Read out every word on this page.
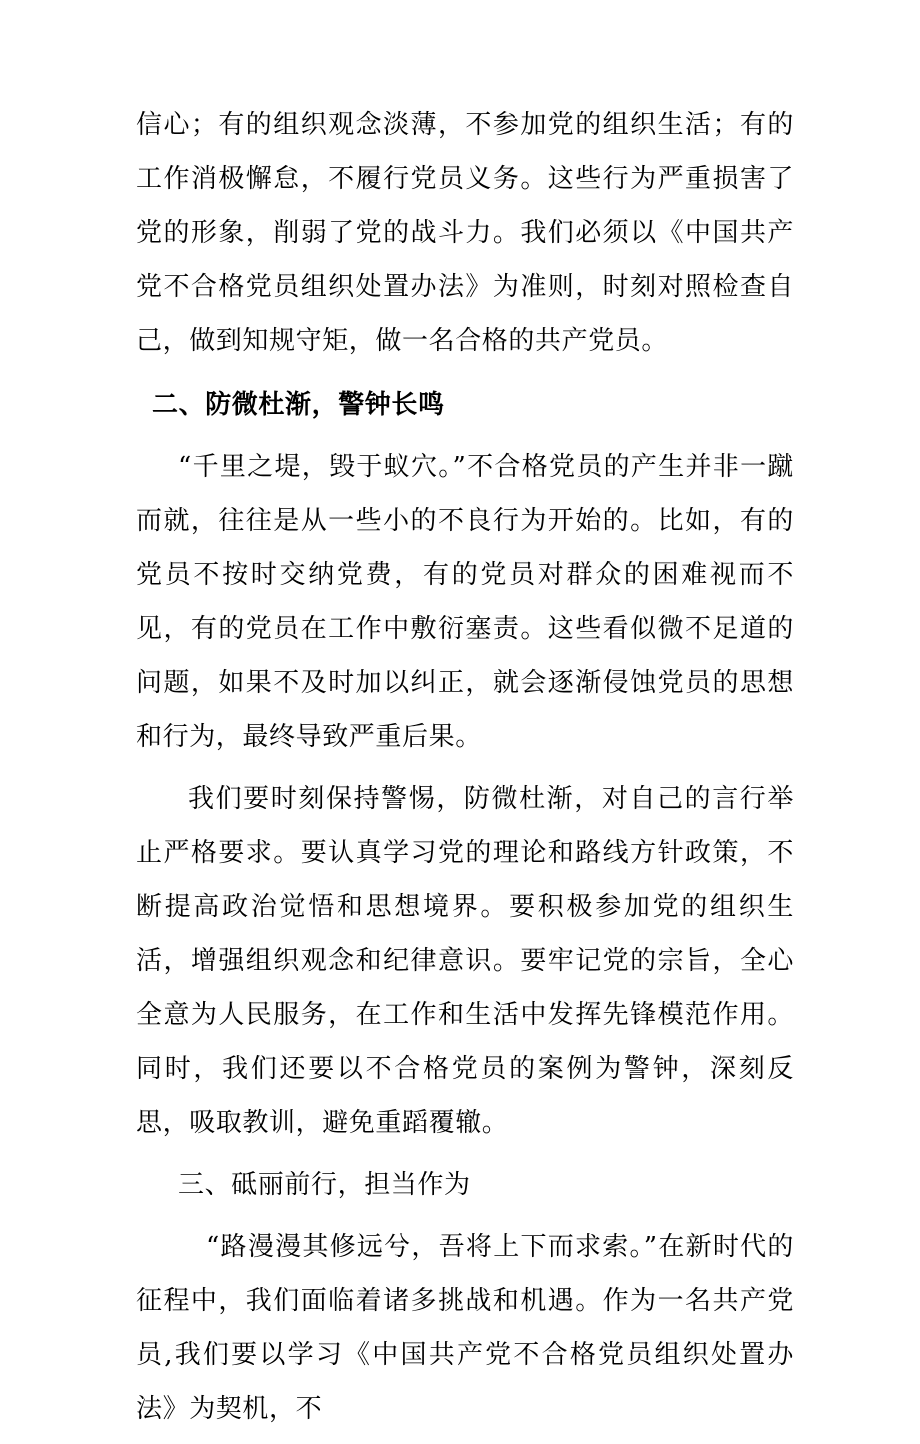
信心；有的组织观念淡薄，不参加党的组织生活；有的工作消极懈怠，不履行党员义务。这些行为严重损害了党的形象，削弱了党的战斗力。我们必须以《中国共产党不合格党员组织处置办法》为准则，时刻对照检查自己，做到知规守矩，做一名合格的共产党员。

二、防微杜渐，警钟长鸣

“千里之堤，毁于蚁穴。”不合格党员的产生并非一蹴而就，往往是从一些小的不良行为开始的。比如，有的党员不按时交纳党费，有的党员对群众的困难视而不见，有的党员在工作中敷衍塞责。这些看似微不足道的问题，如果不及时加以纠正，就会逐渐侵蚀党员的思想和行为，最终导致严重后果。

我们要时刻保持警惕，防微杜渐，对自己的言行举止严格要求。要认真学习党的理论和路线方针政策，不断提高政治觉悟和思想境界。要积极参加党的组织生活，增强组织观念和纪律意识。要牢记党的宗旨，全心全意为人民服务，在工作和生活中发挥先锋模范作用。同时，我们还要以不合格党员的案例为警钟，深刻反思，吸取教训，避免重蹈覆辙。

三、砥丽前行，担当作为

“路漫漫其修远兮，吾将上下而求索。”在新时代的征程中，我们面临着诸多挑战和机遇。作为一名共产党员,我们要以学习《中国共产党不合格党员组织处置办法》为契机，不
